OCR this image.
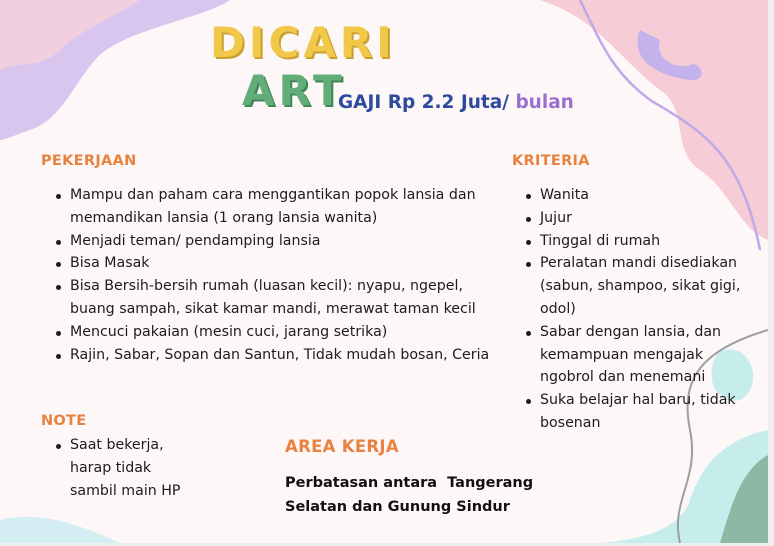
DICARI
ART
GAJI Rp 2.2 Juta/ bulan
PEKERJAAN
Mampu dan paham cara menggantikan popok lansia dan memandikan lansia (1 orang lansia wanita)
Menjadi teman/ pendamping lansia
Bisa Masak
Bisa Bersih-bersih rumah (luasan kecil): nyapu, ngepel, buang sampah, sikat kamar mandi, merawat taman kecil
Mencuci pakaian (mesin cuci, jarang setrika)
Rajin, Sabar, Sopan dan Santun, Tidak mudah bosan, Ceria
KRITERIA
Wanita
Jujur
Tinggal di rumah
Peralatan mandi disediakan (sabun, shampoo, sikat gigi, odol)
Sabar dengan lansia, dan kemampuan mengajak ngobrol dan menemani
Suka belajar hal baru, tidak bosenan
NOTE
Saat bekerja, harap tidak sambil main HP
AREA KERJA
Perbatasan antara  Tangerang
Selatan dan Gunung Sindur
